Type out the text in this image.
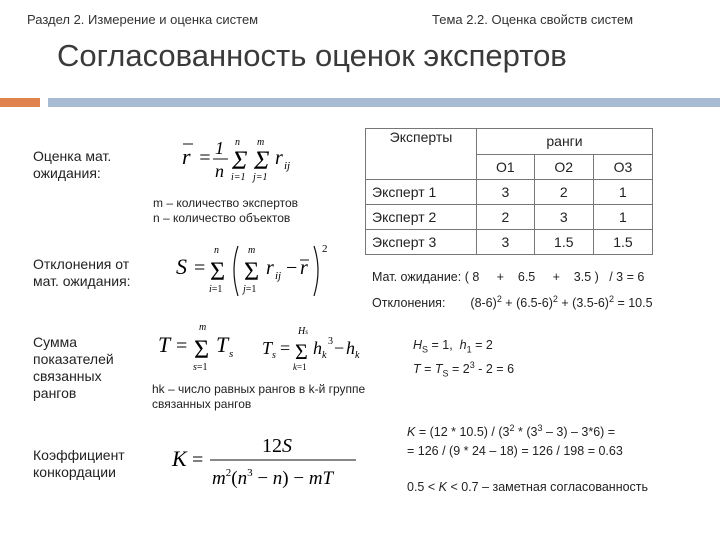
Раздел 2. Измерение и оценка систем	Тема 2.2. Оценка свойств систем
Согласованность оценок экспертов
Оценка мат. ожидания:
Отклонения от мат. ожидания:
Сумма показателей связанных рангов
Коэффициент конкордации
r = 1
n
n
Σ
i=1
m
Σ
j=1
r ij
m – количество экспертов
n – количество объектов
S =
n
Σ
i=1
m
Σ
j=1
r ij − r
2
T =
m
Σ
s=1
T s T s =
Hs
Σ
k=1
h k
3 − h k
hk – число равных рангов в k-й группе связанных рангов
K =
12S
$m^2(n^3 - n)$ − mT
Эксперты	ранги		
	O1	O2	O3
Эксперт 1	3	2	1
Эксперт 2	2	3	1
Эксперт 3	3	1.5	1.5
Мат. ожидание: ( 8     +    6.5     +    3.5 )   / 3 = 6
Отклонения: $(8-6)^2 + (6.5-6)^2 + (3.5-6)^2 = 10.5$
$H_S = 1$,  $h_1 = 2$
$T = T_S = 2^3 - 2 = 6$
$K = (12 * 10.5) / (3^2 * (3^3 - 3) - 3*6)$ =
= 126 / (9 * 24 – 18) = 126 / 198 = 0.63
0.5 < K < 0.7 – заметная согласованность
